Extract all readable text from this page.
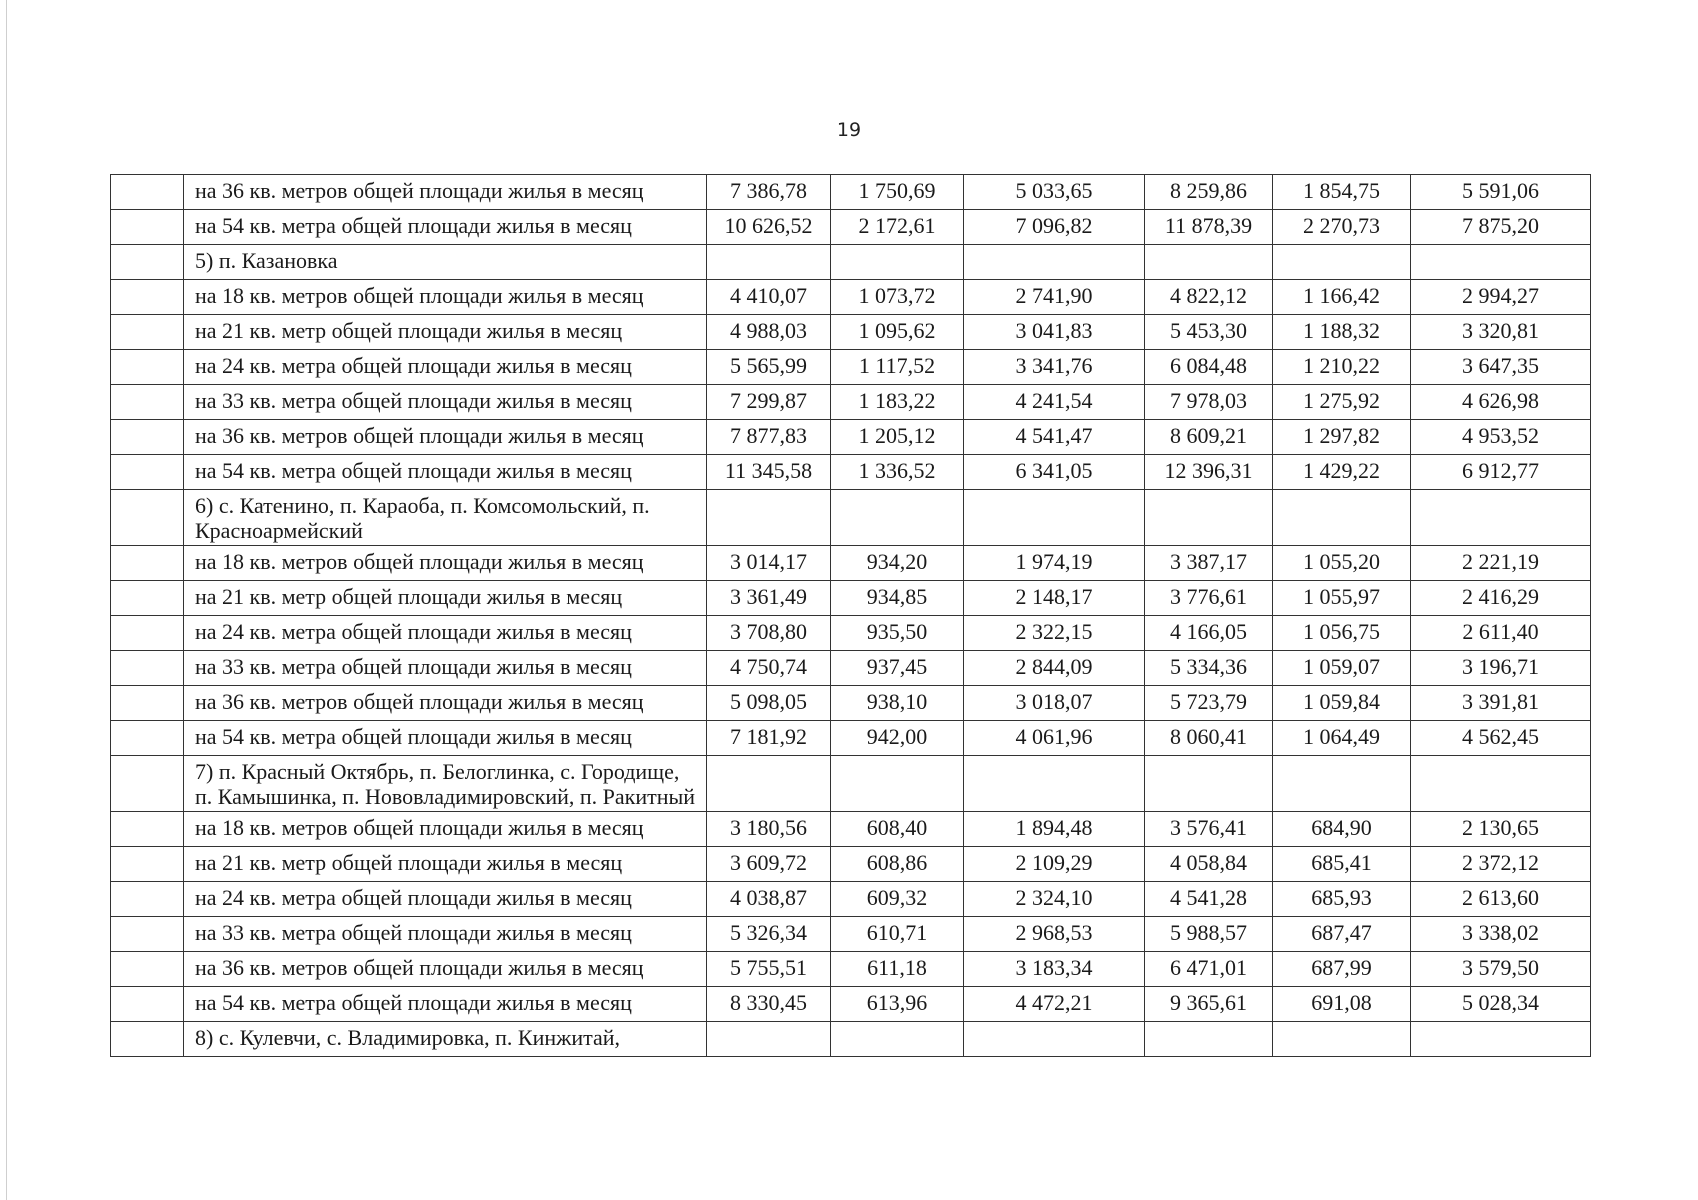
19
	на 36 кв. метров общей площади жилья в месяц	7 386,78	1 750,69	5 033,65	8 259,86	1 854,75	5 591,06
	на 54 кв. метра общей площади жилья в месяц	10 626,52	2 172,61	7 096,82	11 878,39	2 270,73	7 875,20
	5) п. Казановка						
	на 18 кв. метров общей площади жилья в месяц	4 410,07	1 073,72	2 741,90	4 822,12	1 166,42	2 994,27
	на 21 кв. метр общей площади жилья в месяц	4 988,03	1 095,62	3 041,83	5 453,30	1 188,32	3 320,81
	на 24 кв. метра общей площади жилья в месяц	5 565,99	1 117,52	3 341,76	6 084,48	1 210,22	3 647,35
	на 33 кв. метра общей площади жилья в месяц	7 299,87	1 183,22	4 241,54	7 978,03	1 275,92	4 626,98
	на 36 кв. метров общей площади жилья в месяц	7 877,83	1 205,12	4 541,47	8 609,21	1 297,82	4 953,52
	на 54 кв. метра общей площади жилья в месяц	11 345,58	1 336,52	6 341,05	12 396,31	1 429,22	6 912,77
	6) с. Катенино, п. Караоба, п. Комсомольский, п. Красноармейский						
	на 18 кв. метров общей площади жилья в месяц	3 014,17	934,20	1 974,19	3 387,17	1 055,20	2 221,19
	на 21 кв. метр общей площади жилья в месяц	3 361,49	934,85	2 148,17	3 776,61	1 055,97	2 416,29
	на 24 кв. метра общей площади жилья в месяц	3 708,80	935,50	2 322,15	4 166,05	1 056,75	2 611,40
	на 33 кв. метра общей площади жилья в месяц	4 750,74	937,45	2 844,09	5 334,36	1 059,07	3 196,71
	на 36 кв. метров общей площади жилья в месяц	5 098,05	938,10	3 018,07	5 723,79	1 059,84	3 391,81
	на 54 кв. метра общей площади жилья в месяц	7 181,92	942,00	4 061,96	8 060,41	1 064,49	4 562,45
	7) п. Красный Октябрь, п. Белоглинка, с. Городище, п. Камышинка, п. Нововладимировский, п. Ракитный						
	на 18 кв. метров общей площади жилья в месяц	3 180,56	608,40	1 894,48	3 576,41	684,90	2 130,65
	на 21 кв. метр общей площади жилья в месяц	3 609,72	608,86	2 109,29	4 058,84	685,41	2 372,12
	на 24 кв. метра общей площади жилья в месяц	4 038,87	609,32	2 324,10	4 541,28	685,93	2 613,60
	на 33 кв. метра общей площади жилья в месяц	5 326,34	610,71	2 968,53	5 988,57	687,47	3 338,02
	на 36 кв. метров общей площади жилья в месяц	5 755,51	611,18	3 183,34	6 471,01	687,99	3 579,50
	на 54 кв. метра общей площади жилья в месяц	8 330,45	613,96	4 472,21	9 365,61	691,08	5 028,34
	8) с. Кулевчи, с. Владимировка, п. Кинжитай,						
